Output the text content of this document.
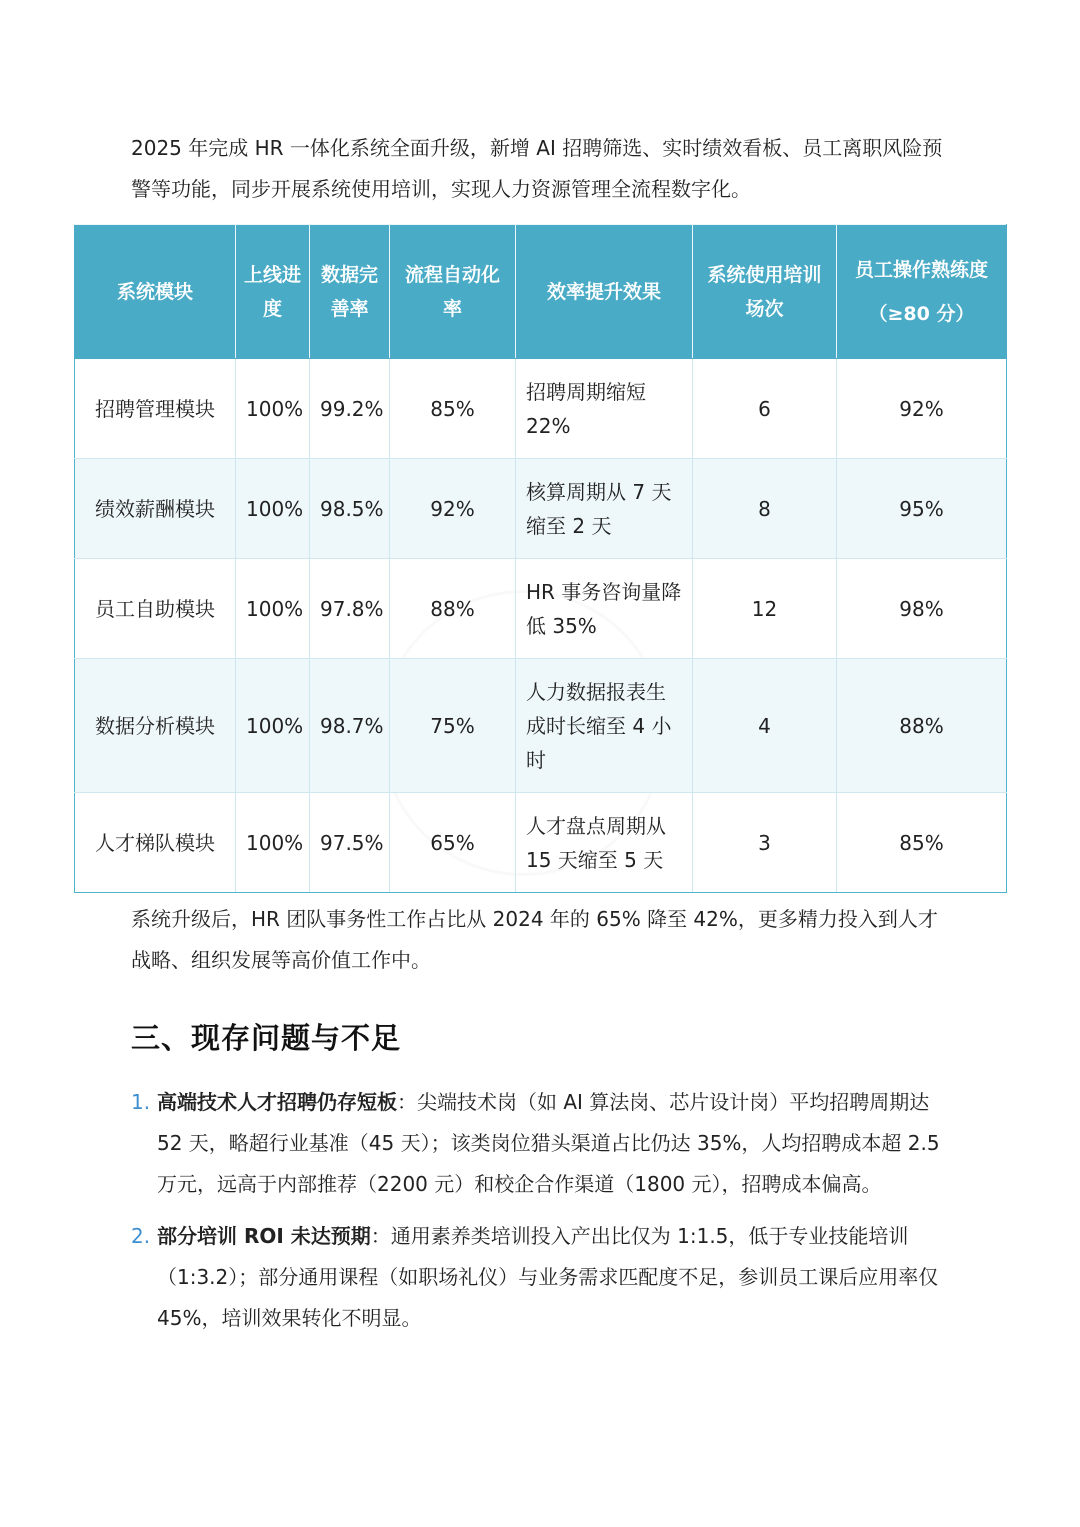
2025 年完成 HR 一体化系统全面升级，新增 AI 招聘筛选、实时绩效看板、员工离职风险预警等功能，同步开展系统使用培训，实现人力资源管理全流程数字化。

系统模块	上线进度	数据完善率	流程自动化率	效率提升效果	系统使用培训场次	员工操作熟练度
（≥80 分）

招聘管理模块	100%	99.2%	85%	招聘周期缩短 22%	6	92%
绩效薪酬模块	100%	98.5%	92%	核算周期从 7 天缩至 2 天	8	95%
员工自助模块	100%	97.8%	88%	HR 事务咨询量降低 35%	12	98%
数据分析模块	100%	98.7%	75%	人力数据报表生成时长缩至 4 小时	4	88%
人才梯队模块	100%	97.5%	65%	人才盘点周期从 15 天缩至 5 天	3	85%

系统升级后，HR 团队事务性工作占比从 2024 年的 65% 降至 42%，更多精力投入到人才战略、组织发展等高价值工作中。

三、现存问题与不足
1. 高端技术人才招聘仍存短板：尖端技术岗（如 AI 算法岗、芯片设计岗）平均招聘周期达 52 天，略超行业基准（45 天）；该类岗位猎头渠道占比仍达 35%，人均招聘成本超 2.5 万元，远高于内部推荐（2200 元）和校企合作渠道（1800 元），招聘成本偏高。
2. 部分培训 ROI 未达预期：通用素养类培训投入产出比仅为 1:1.5，低于专业技能培训（1:3.2）；部分通用课程（如职场礼仪）与业务需求匹配度不足，参训员工课后应用率仅 45%，培训效果转化不明显。
